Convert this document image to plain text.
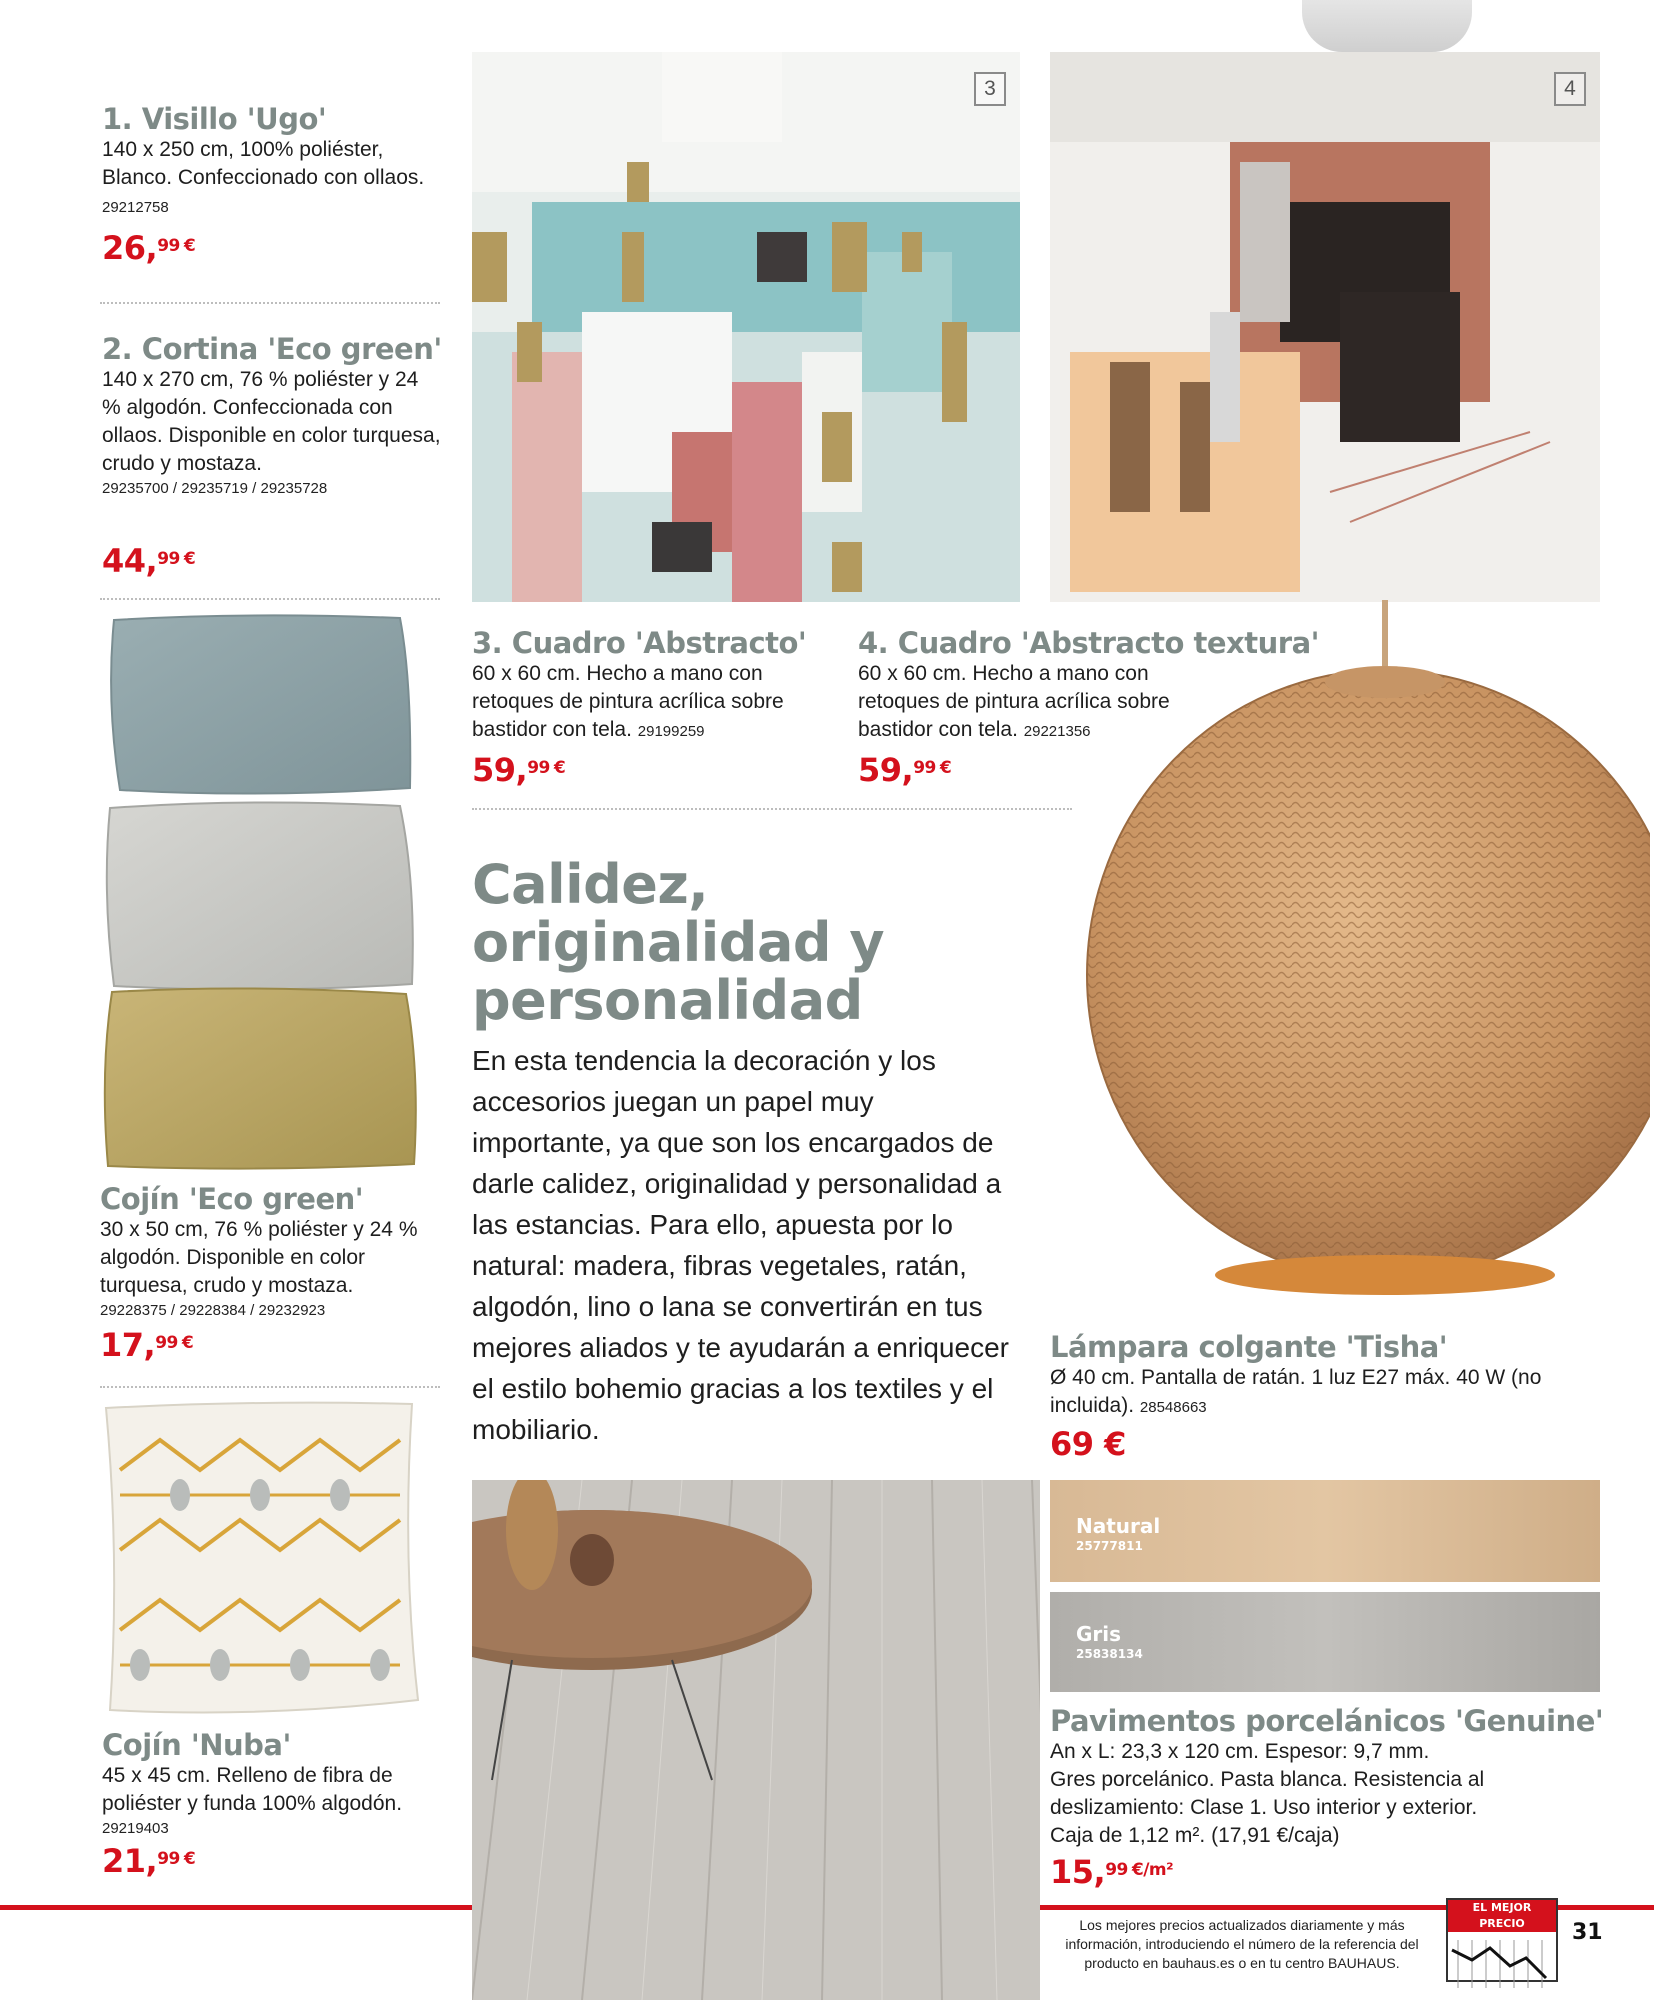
1. Visillo 'Ugo'

140 x 250 cm, 100% poliéster, Blanco. Confeccionado con ollaos. 29212758

26,99 €
2. Cortina 'Eco green'

140 x 270 cm, 76 % poliéster y 24 % algodón. Confeccionada con ollaos. Disponible en color turquesa, crudo y mostaza.

29235700 / 29235719 / 29235728

44,99 €
Cojín 'Eco green'

30 x 50 cm, 76 % poliéster y 24 % algodón. Disponible en color turquesa, crudo y mostaza.

29228375 / 29228384 / 29232923

17,99 €
Cojín 'Nuba'

45 x 45 cm. Relleno de fibra de poliéster y funda 100% algodón.

29219403

21,99 €
3	4
3. Cuadro 'Abstracto'

60 x 60 cm. Hecho a mano con retoques de pintura acrílica sobre bastidor con tela. 29199259

59,99 €
4. Cuadro 'Abstracto textura'

60 x 60 cm. Hecho a mano con retoques de pintura acrílica sobre bastidor con tela. 29221356

59,99 €
Calidez,
originalidad y
personalidad

En esta tendencia la decoración y los accesorios juegan un papel muy importante, ya que son los encargados de darle calidez, originalidad y personalidad a las estancias. Para ello, apuesta por lo natural: madera, fibras vegetales, ratán, algodón, lino o lana se convertirán en tus mejores aliados y te ayudarán a enriquecer el estilo bohemio gracias a los textiles y el mobiliario.

Lámpara colgante 'Tisha'

Ø 40 cm. Pantalla de ratán. 1 luz E27 máx. 40 W (no incluida). 28548663

69 €
Natural
25777811
Gris
25838134
Pavimentos porcelánicos 'Genuine'

An x L: 23,3 x 120 cm. Espesor: 9,7 mm.

Gres porcelánico. Pasta blanca. Resistencia al deslizamiento: Clase 1. Uso interior y exterior.

Caja de 1,12 m². (17,91 €/caja)

15,99 $^{€/m^2}$
Los mejores precios actualizados diariamente y más información, introduciendo el número de la referencia del producto en bauhaus.es o en tu centro BAUHAUS.
EL MEJOR PRECIO	31
